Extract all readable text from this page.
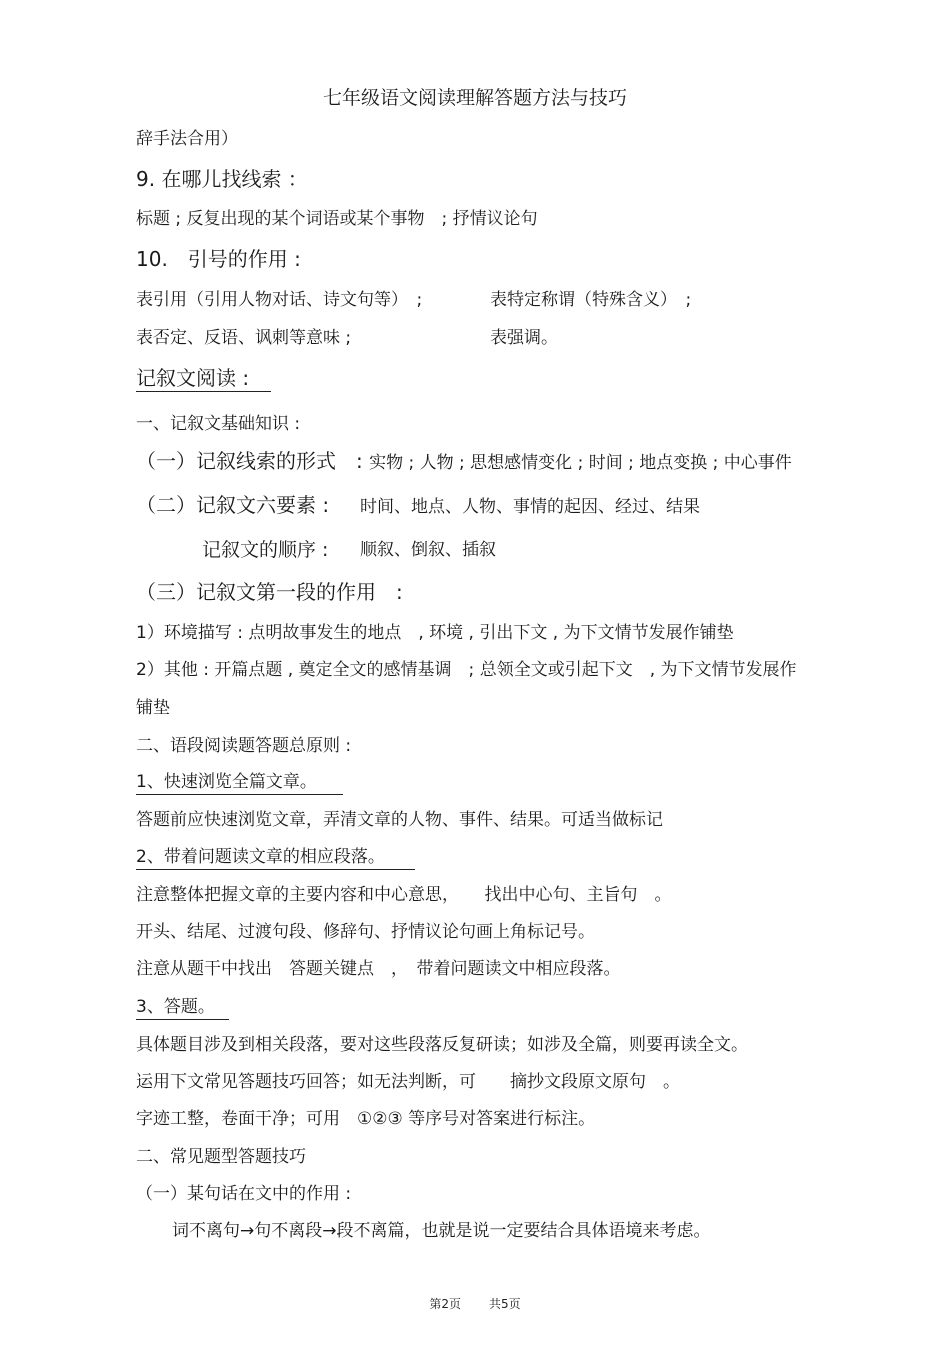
七年级语文阅读理解答题方法与技巧
辞手法合用）
9. 在哪儿找线索 ：
标题 ; 反复出现的某个词语或某个事物　; 抒情议论句
10.　引号的作用 :
表引用（引用人物对话、诗文句等）　;	表特定称谓（特殊含义）　;
表否定、反语、讽刺等意味 ;	表强调。
记叙文阅读 :
一、记叙文基础知识 :
（一）记叙线索的形式　: 实物 ; 人物 ; 思想感情变化 ; 时间 ; 地点变换 ; 中心事件
（二）记叙文六要素 : 时间、地点、人物、事情的起因、经过、结果
记叙文的顺序 : 顺叙、倒叙、插叙
（三）记叙文第一段的作用　:
1）环境描写 : 点明故事发生的地点　, 环境 , 引出下文 , 为下文情节发展作铺垫
2）其他 : 开篇点题 , 奠定全文的感情基调　; 总领全文或引起下文　, 为下文情节发展作
铺垫
二、语段阅读题答题总原则 :
1、快速浏览全篇文章。
答题前应快速浏览文章，弄清文章的人物、事件、结果。可适当做标记
2、带着问题读文章的相应段落。
注意整体把握文章的主要内容和中心意思，　　找出中心句、主旨句　。
开头、结尾、过渡句段、修辞句、抒情议论句画上角标记号。
注意从题干中找出　答题关键点　，　带着问题读文中相应段落。
3、答题。
具体题目涉及到相关段落，要对这些段落反复研读；如涉及全篇，则要再读全文。
运用下文常见答题技巧回答；如无法判断，可　　摘抄文段原文原句　。
字迹工整，卷面干净；可用　①②③ 等序号对答案进行标注。
二、常见题型答题技巧
（一）某句话在文中的作用 :
词不离句→句不离段→段不离篇，也就是说一定要结合具体语境来考虑。
第2页 共5页
